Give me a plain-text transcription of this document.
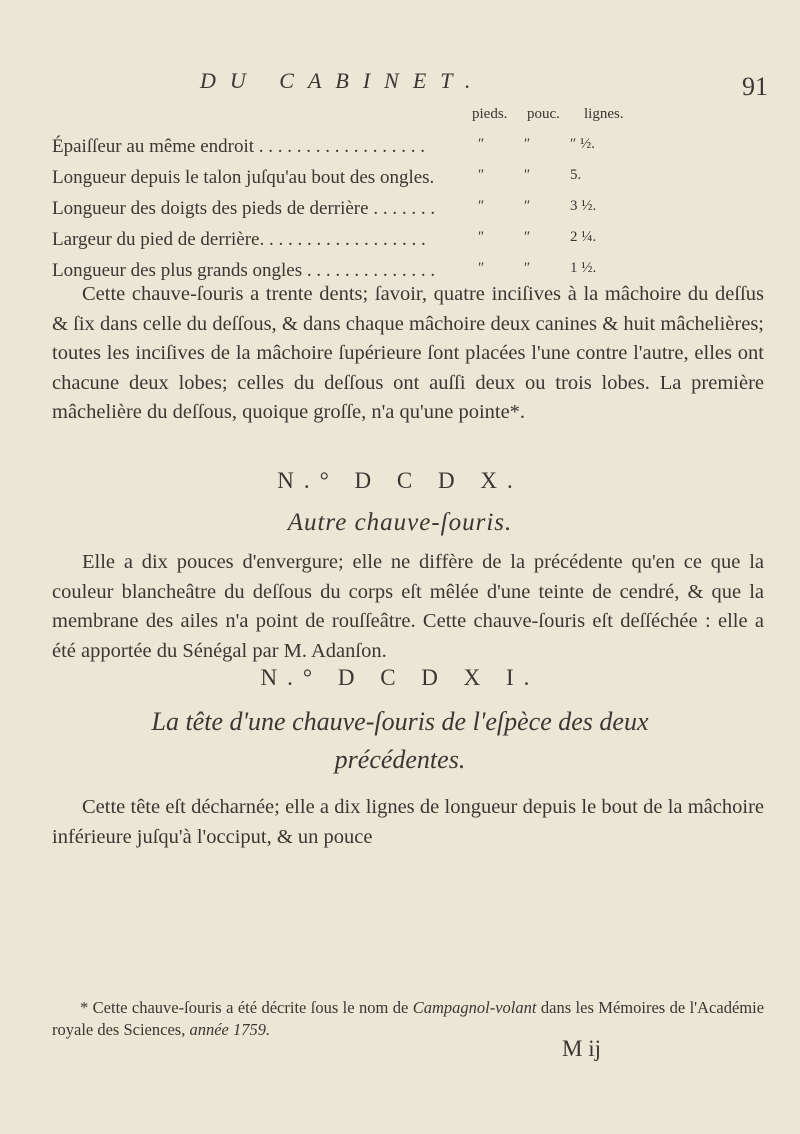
DU CABINET.	91
pieds. pouc. lignes.
Épaiſſeur au même endroit . . . . . . . . . . . . . . . . . .	″	″	″ ½.
Longueur depuis le talon juſqu'au bout des ongles.	″	″	5.
Longueur des doigts des pieds de derrière . . . . . . .	″	″	3 ½.
Largeur du pied de derrière. . . . . . . . . . . . . . . . . .	″	″	2 ¼.
Longueur des plus grands ongles . . . . . . . . . . . . . .	″	″	1 ½.

Cette chauve-ſouris a trente dents; ſavoir, quatre inciſives à la mâchoire du deſſus & ſix dans celle du deſſous, & dans chaque mâchoire deux canines & huit mâchelières; toutes les inciſives de la mâchoire ſupérieure ſont placées l'une contre l'autre, elles ont chacune deux lobes; celles du deſſous ont auſſi deux ou trois lobes. La première mâchelière du deſſous, quoique groſſe, n'a qu'une pointe*.

N.° D C D X.
Autre chauve-ſouris.

Elle a dix pouces d'envergure; elle ne diffère de la précédente qu'en ce que la couleur blancheâtre du deſſous du corps eſt mêlée d'une teinte de cendré, & que la membrane des ailes n'a point de rouſſeâtre. Cette chauve-ſouris eſt deſſéchée : elle a été apportée du Sénégal par M. Adanſon.

N.° D C D X I.
La tête d'une chauve-ſouris de l'eſpèce des deux précédentes.

Cette tête eſt décharnée; elle a dix lignes de longueur depuis le bout de la mâchoire inférieure juſqu'à l'occiput, & un pouce

* Cette chauve-ſouris a été décrite ſous le nom de Campagnol-volant dans les Mémoires de l'Académie royale des Sciences, année 1759.

M ij
